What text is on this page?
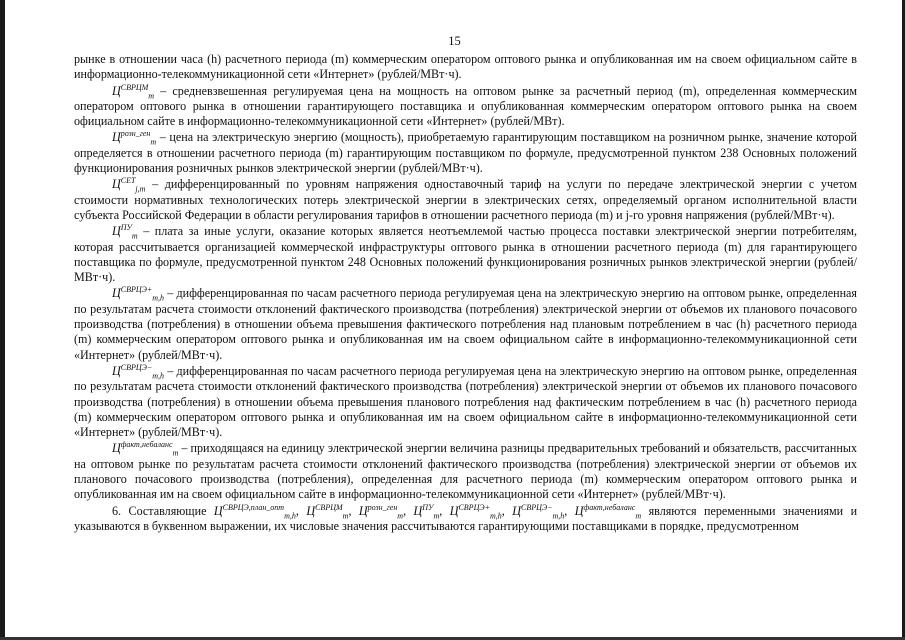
15

рынке в отношении часа (h) расчетного периода (m) коммерческим оператором оптового рынка и опубликованная им на своем официальном сайте в информационно-телекоммуникационной сети «Интернет» (рублей/МВт·ч).

$Ц^{СВРЦМ}_m$ – средневзвешенная регулируемая цена на мощность на оптовом рынке за расчетный период (m), определенная коммерческим оператором оптового рынка в отношении гарантирующего поставщика и опубликованная коммерческим оператором оптового рынка на своем официальном сайте в информационно-телекоммуникационной сети «Интернет» (рублей/МВт).

$Ц^{розн\_ген}_m$ – цена на электрическую энергию (мощность), приобретаемую гарантирующим поставщиком на розничном рынке, значение которой определяется в отношении расчетного периода (m) гарантирующим поставщиком по формуле, предусмотренной пунктом 238 Основных положений функционирования розничных рынков электрической энергии (рублей/МВт·ч).

$Ц^{СЕТ}_{j,m}$ – дифференцированный по уровням напряжения одноставочный тариф на услуги по передаче электрической энергии с учетом стоимости нормативных технологических потерь электрической энергии в электрических сетях, определяемый органом исполнительной власти субъекта Российской Федерации в области регулирования тарифов в отношении расчетного периода (m) и j-го уровня напряжения (рублей/МВт·ч).

$Ц^{ПУ}_m$ – плата за иные услуги, оказание которых является неотъемлемой частью процесса поставки электрической энергии потребителям, которая рассчитывается организацией коммерческой инфраструктуры оптового рынка в отношении расчетного периода (m) для гарантирующего поставщика по формуле, предусмотренной пунктом 248 Основных положений функционирования розничных рынков электрической энергии (рублей/МВт·ч).

$Ц^{СВРЦЭ+}_{m,h}$ – дифференцированная по часам расчетного периода регулируемая цена на электрическую энергию на оптовом рынке, определенная по результатам расчета стоимости отклонений фактического производства (потребления) электрической энергии от объемов их планового почасового производства (потребления) в отношении объема превышения фактического потребления над плановым потреблением в час (h) расчетного периода (m) коммерческим оператором оптового рынка и опубликованная им на своем официальном сайте в информационно-телекоммуникационной сети «Интернет» (рублей/МВт·ч).

$Ц^{СВРЦЭ-}_{m,h}$ – дифференцированная по часам расчетного периода регулируемая цена на электрическую энергию на оптовом рынке, определенная по результатам расчета стоимости отклонений фактического производства (потребления) электрической энергии от объемов их планового почасового производства (потребления) в отношении объема превышения планового потребления над фактическим потреблением в час (h) расчетного периода (m) коммерческим оператором оптового рынка и опубликованная им на своем официальном сайте в информационно-телекоммуникационной сети «Интернет» (рублей/МВт·ч).

$Ц^{факт,небаланс}_m$ – приходящаяся на единицу электрической энергии величина разницы предварительных требований и обязательств, рассчитанных на оптовом рынке по результатам расчета стоимости отклонений фактического производства (потребления) электрической энергии от объемов их планового почасового производства (потребления), определенная для расчетного периода (m) коммерческим оператором оптового рынка и опубликованная им на своем официальном сайте в информационно-телекоммуникационной сети «Интернет» (рублей/МВт·ч).

6. Составляющие $Ц^{СВРЦЭ,план\_опт}_{m,h}$, $Ц^{СВРЦМ}_m$, $Ц^{розн\_ген}_m$, $Ц^{ПУ}_m$, $Ц^{СВРЦЭ+}_{m,h}$, $Ц^{СВРЦЭ-}_{m,h}$, $Ц^{факт,небаланс}_m$ являются переменными значениями и указываются в буквенном выражении, их числовые значения рассчитываются гарантирующими поставщиками в порядке, предусмотренном
